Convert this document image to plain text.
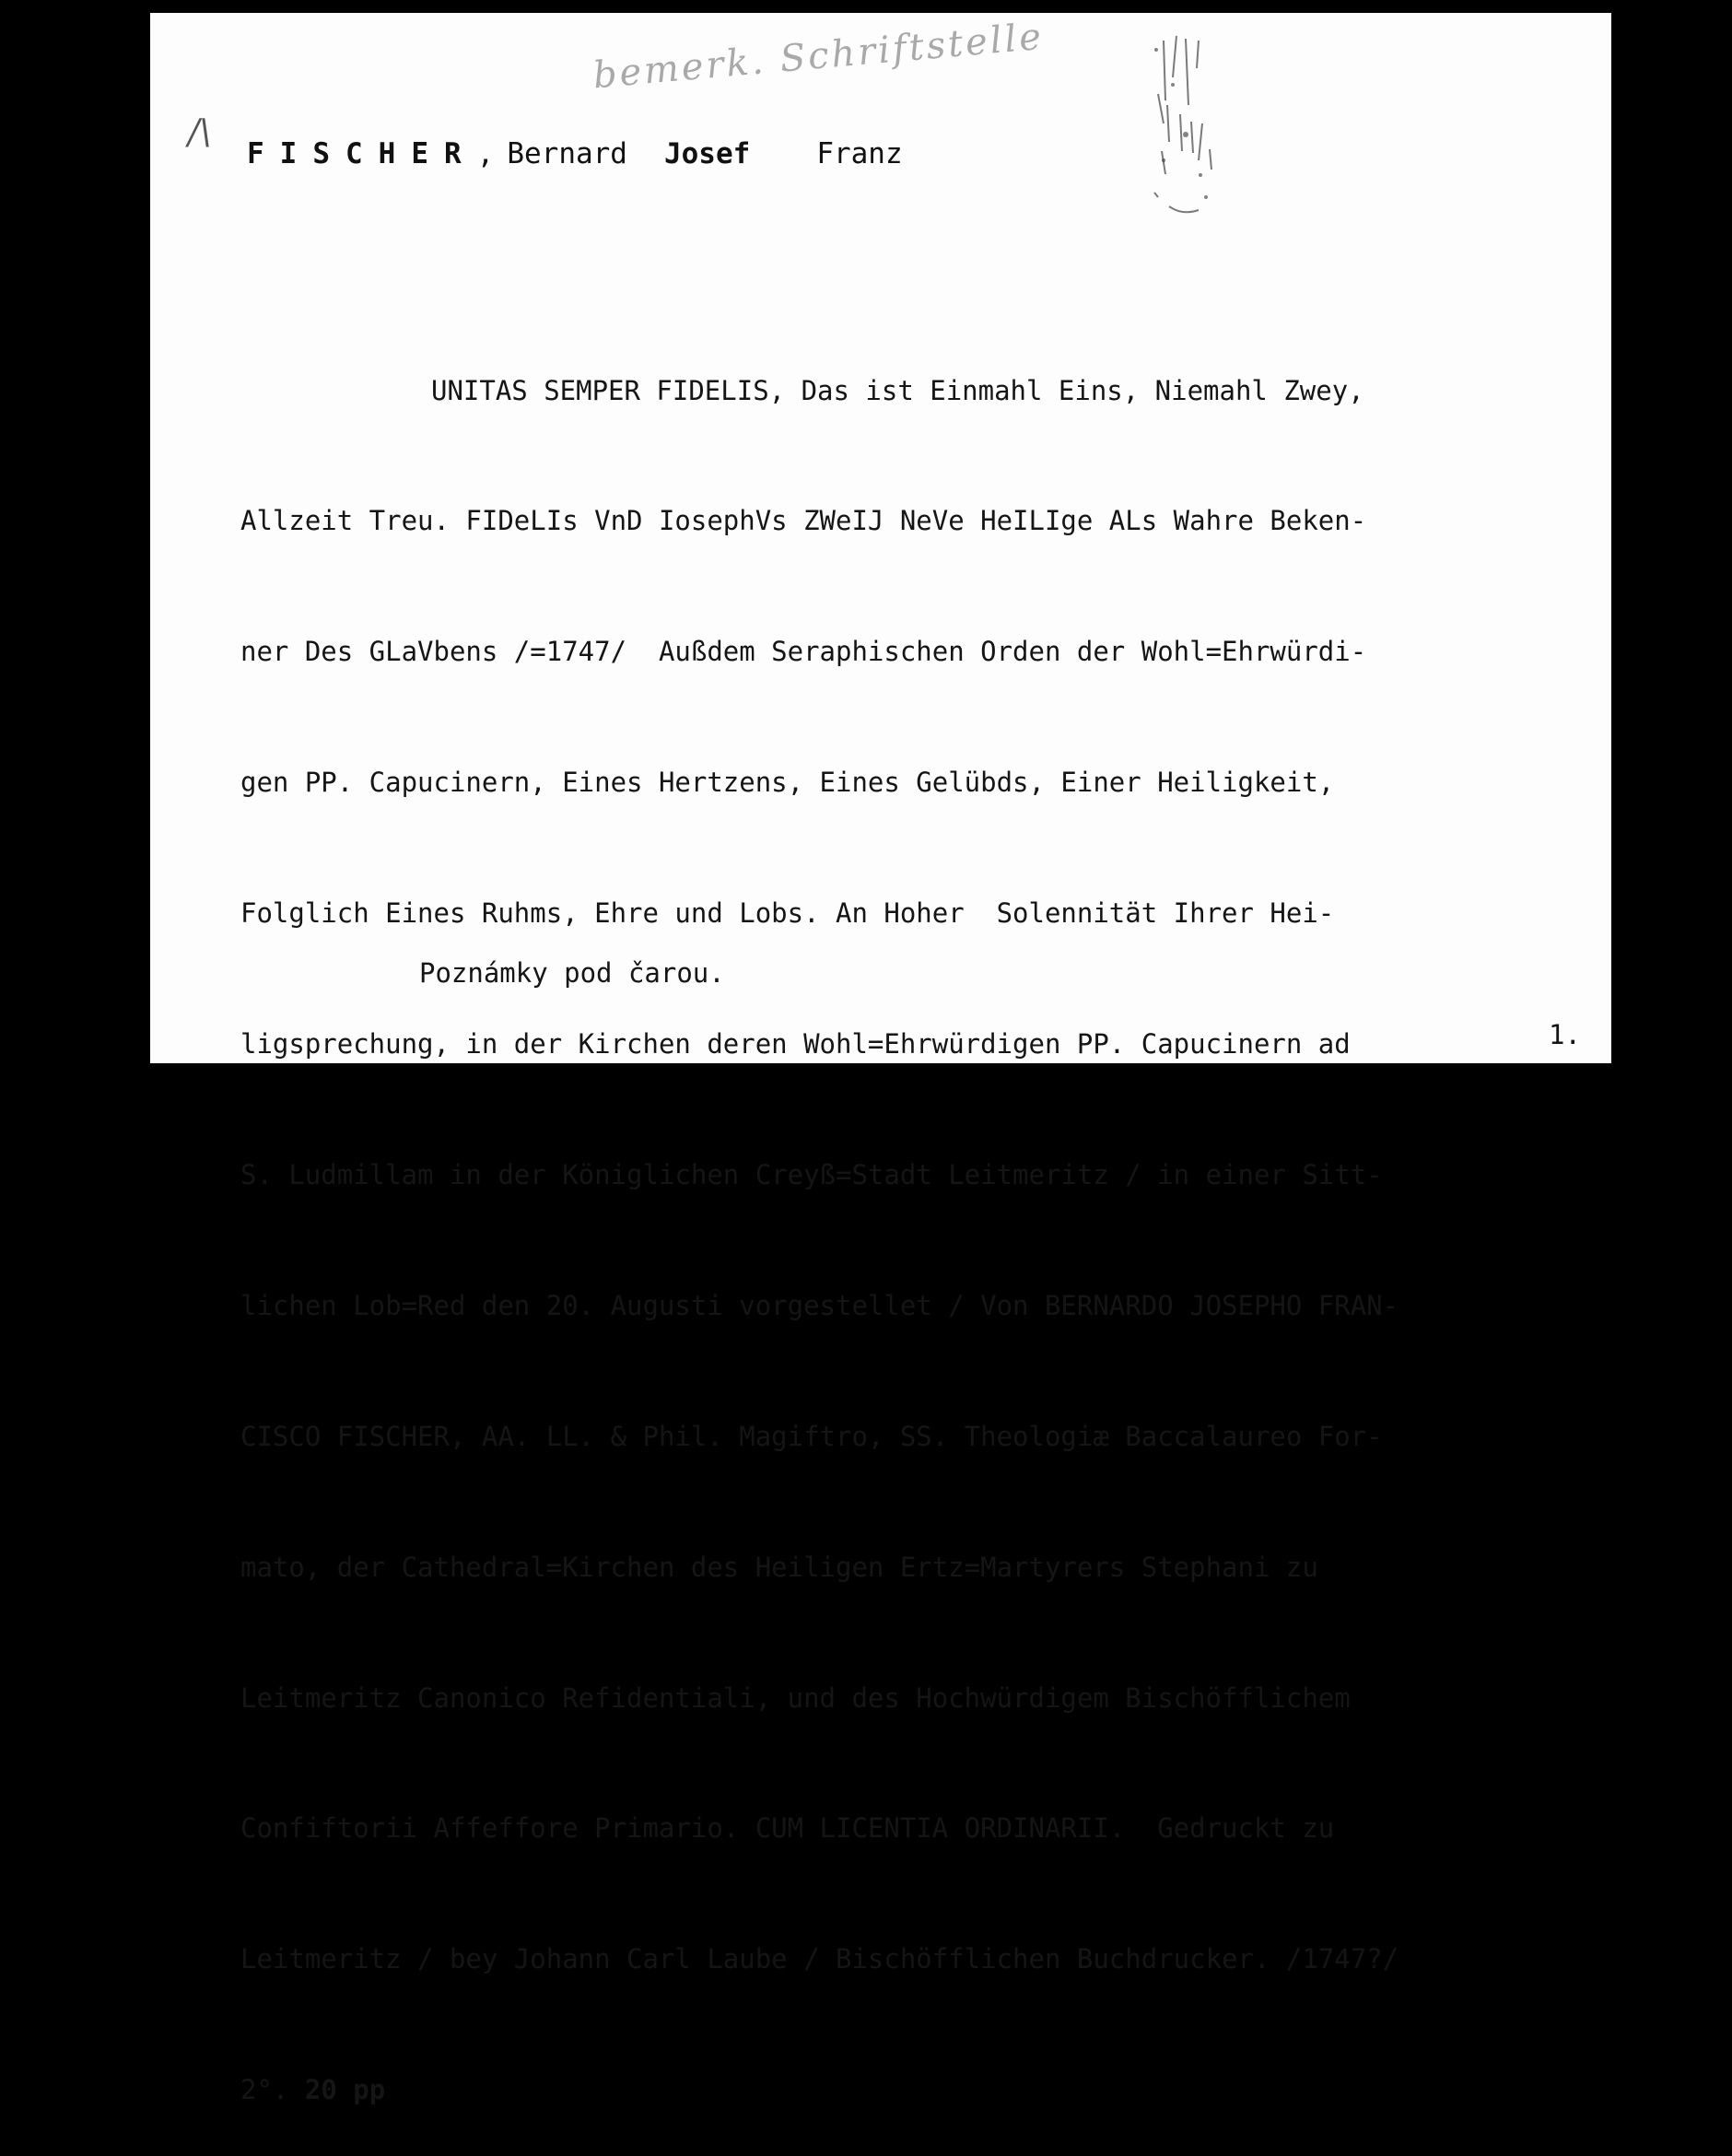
bemerk. Schriftstelle
/\
FISCHER, Bernard Josef Franz

UNITAS SEMPER FIDELIS, Das ist Einmahl Eins, Niemahl Zwey,

Allzeit Treu. FIDeLIs VnD IosephVs ZWeIJ NeVe HeILIge ALs Wahre Beken-

ner Des GLaVbens /=1747/  Außdem Seraphischen Orden der Wohl=Ehrwürdi-

gen PP. Capucinern, Eines Hertzens, Eines Gelübds, Einer Heiligkeit,

Folglich Eines Ruhms, Ehre und Lobs. An Hoher  Solennität Ihrer Hei-

ligsprechung, in der Kirchen deren Wohl=Ehrwürdigen PP. Capucinern ad

S. Ludmillam in der Königlichen Creyß=Stadt Leitmeritz / in einer Sitt-

lichen Lob=Red den 20. Augusti vorgestellet / Von BERNARDO JOSEPHO FRAN-

CISCO FISCHER, AA. LL. & Phil. Magiftro, SS. Theologiæ Baccalaureo For-

mato, der Cathedral=Kirchen des Heiligen Ertz=Martyrers Stephani zu

Leitmeritz Canonico Refidentiali, und des Hochwürdigem Bischöfflichem

Confiftorii Affeffore Primario. CUM LICENTIA ORDINARII.  Gedruckt zu

Leitmeritz / bey Johann Carl Laube / Bischöfflichen Buchdrucker. /1747?/

2°. 20 pp

Poznámky pod čarou.
1.
